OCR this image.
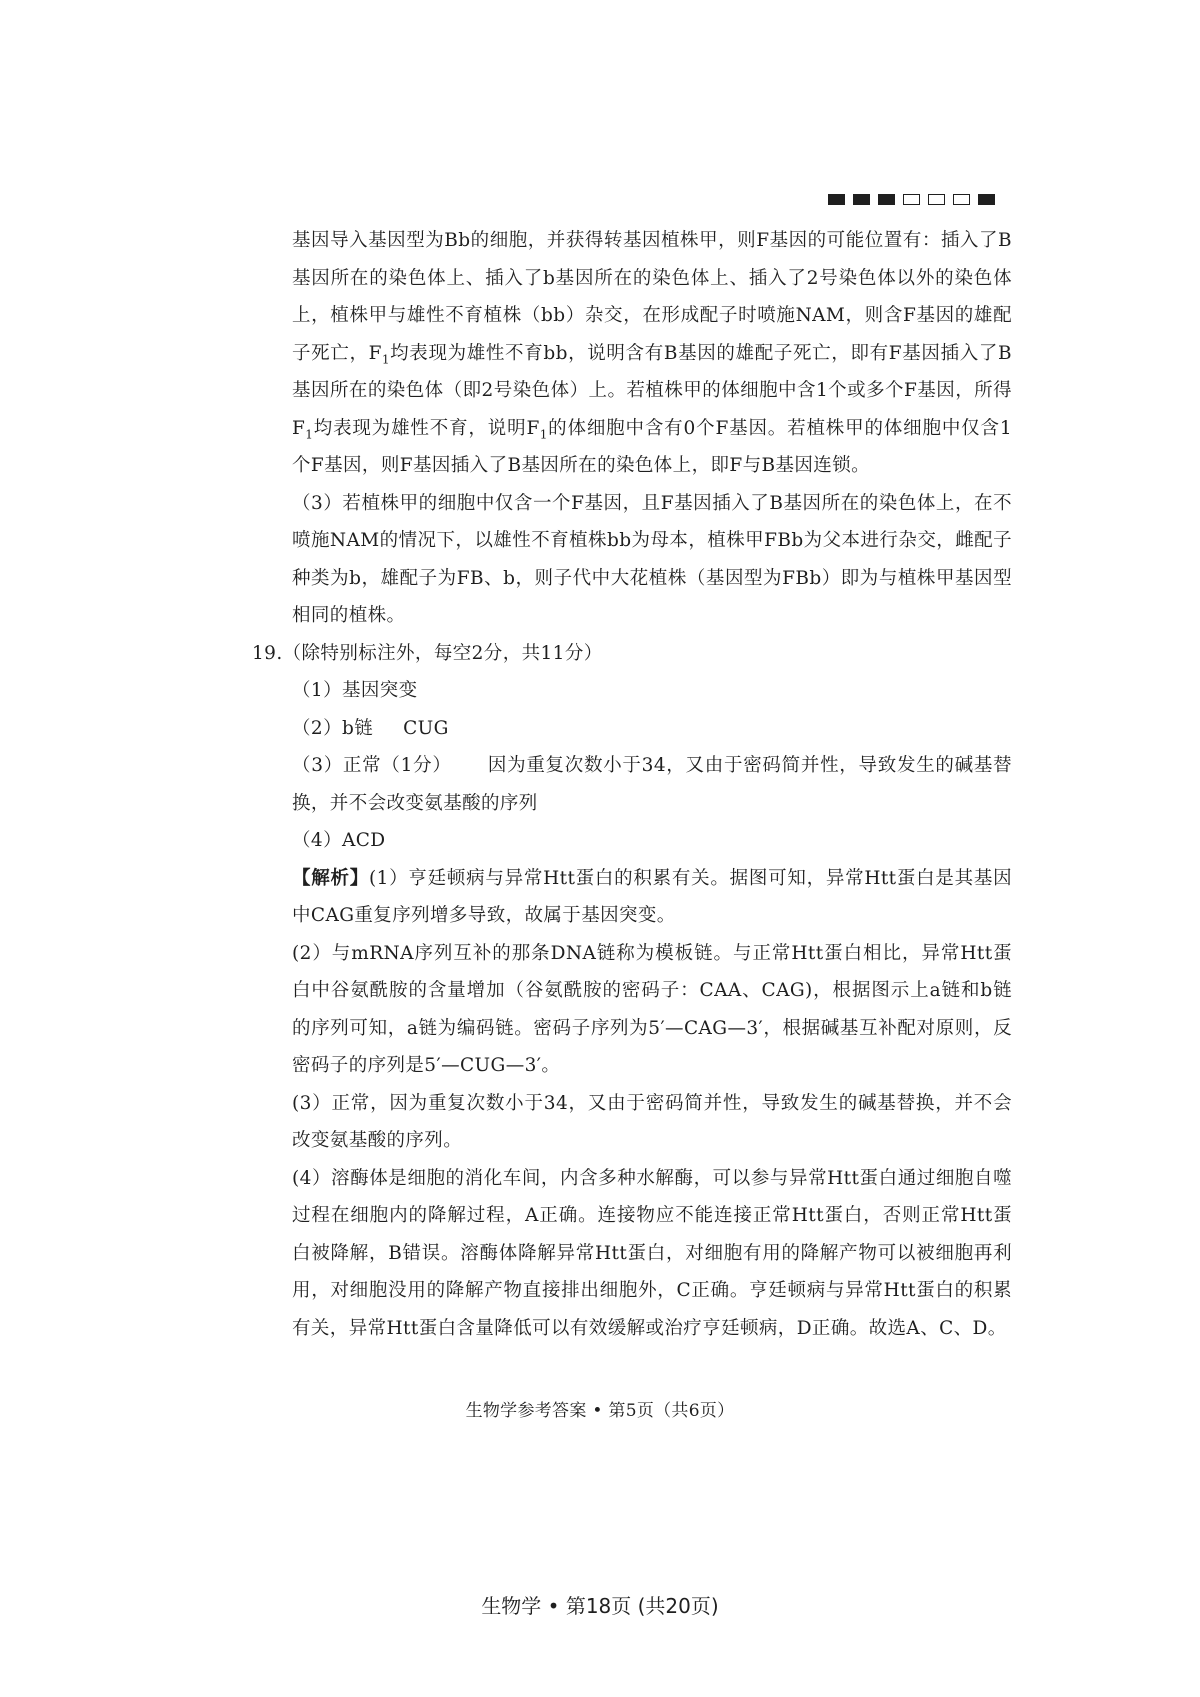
基因导入基因型为Bb的细胞，并获得转基因植株甲，则F基因的可能位置有：插入了B基因所在的染色体上、插入了b基因所在的染色体上、插入了2号染色体以外的染色体上，植株甲与雄性不育植株（bb）杂交，在形成配子时喷施NAM，则含F基因的雄配子死亡，$F_1$均表现为雄性不育bb，说明含有B基因的雄配子死亡，即有F基因插入了B基因所在的染色体（即2号染色体）上。若植株甲的体细胞中含1个或多个F基因，所得$F_1$均表现为雄性不育，说明$F_1$的体细胞中含有0个F基因。若植株甲的体细胞中仅含1个F基因，则F基因插入了B基因所在的染色体上，即F与B基因连锁。

（3）若植株甲的细胞中仅含一个F基因，且F基因插入了B基因所在的染色体上，在不喷施NAM的情况下，以雄性不育植株bb为母本，植株甲FBb为父本进行杂交，雌配子种类为b，雄配子为FB、b，则子代中大花植株（基因型为FBb）即为与植株甲基因型相同的植株。

19.（除特别标注外，每空2分，共11分）

（1）基因突变

（2）b链 CUG

（3）正常（1分） 因为重复次数小于34，又由于密码简并性，导致发生的碱基替换，并不会改变氨基酸的序列

（4）ACD

【解析】(1）亨廷顿病与异常Htt蛋白的积累有关。据图可知，异常Htt蛋白是其基因中CAG重复序列增多导致，故属于基因突变。

(2）与mRNA序列互补的那条DNA链称为模板链。与正常Htt蛋白相比，异常Htt蛋白中谷氨酰胺的含量增加（谷氨酰胺的密码子：CAA、CAG)，根据图示上a链和b链的序列可知，a链为编码链。密码子序列为5′—CAG—3′，根据碱基互补配对原则，反密码子的序列是5′—CUG—3′。

(3）正常，因为重复次数小于34，又由于密码简并性，导致发生的碱基替换，并不会改变氨基酸的序列。

(4）溶酶体是细胞的消化车间，内含多种水解酶，可以参与异常Htt蛋白通过细胞自噬过程在细胞内的降解过程，A正确。连接物应不能连接正常Htt蛋白，否则正常Htt蛋白被降解，B错误。溶酶体降解异常Htt蛋白，对细胞有用的降解产物可以被细胞再利用，对细胞没用的降解产物直接排出细胞外，C正确。亨廷顿病与异常Htt蛋白的积累有关，异常Htt蛋白含量降低可以有效缓解或治疗亨廷顿病，D正确。故选A、C、D。

生物学参考答案 • 第5页（共6页）
生物学 • 第18页 (共20页)
